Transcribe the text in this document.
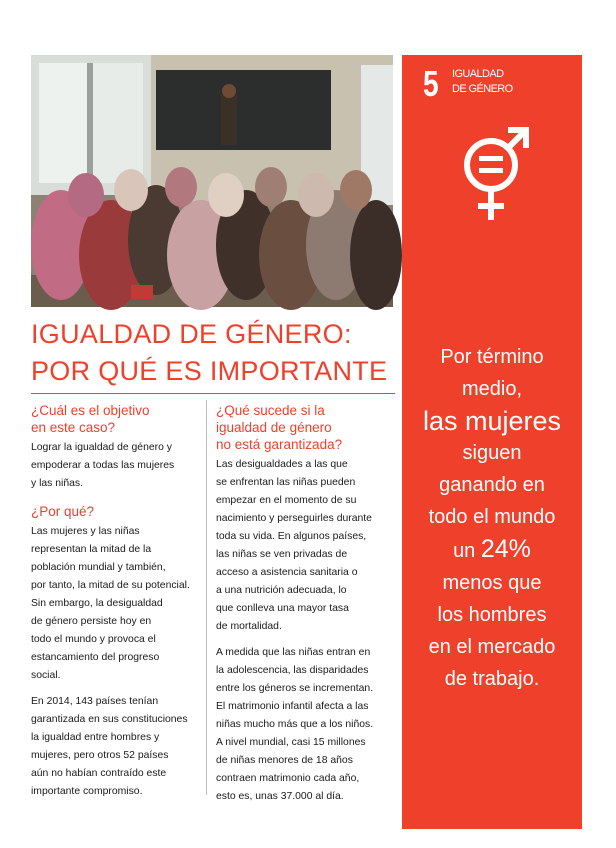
5 IGUALDAD
DE GÉNERO
Por término
medio,
las mujeres
siguen
ganando en
todo el mundo
un 24%
menos que
los hombres
en el mercado
de trabajo.
IGUALDAD DE GÉNERO:
POR QUÉ ES IMPORTANTE
¿Cuál es el objetivo
en este caso?
Lograr la igualdad de género y
empoderar a todas las mujeres
y las niñas.
¿Por qué?
Las mujeres y las niñas
representan la mitad de la
población mundial y también,
por tanto, la mitad de su potencial.
Sin embargo, la desigualdad
de género persiste hoy en
todo el mundo y provoca el
estancamiento del progreso
social.
En 2014, 143 países tenían
garantizada en sus constituciones
la igualdad entre hombres y
mujeres, pero otros 52 países
aún no habían contraído este
importante compromiso.
¿Qué sucede si la
igualdad de género
no está garantizada?
Las desigualdades a las que
se enfrentan las niñas pueden
empezar en el momento de su
nacimiento y perseguirles durante
toda su vida. En algunos países,
las niñas se ven privadas de
acceso a asistencia sanitaria o
a una nutrición adecuada, lo
que conlleva una mayor tasa
de mortalidad.
A medida que las niñas entran en
la adolescencia, las disparidades
entre los géneros se incrementan.
El matrimonio infantil afecta a las
niñas mucho más que a los niños.
A nivel mundial, casi 15 millones
de niñas menores de 18 años
contraen matrimonio cada año,
esto es, unas 37.000 al día.
